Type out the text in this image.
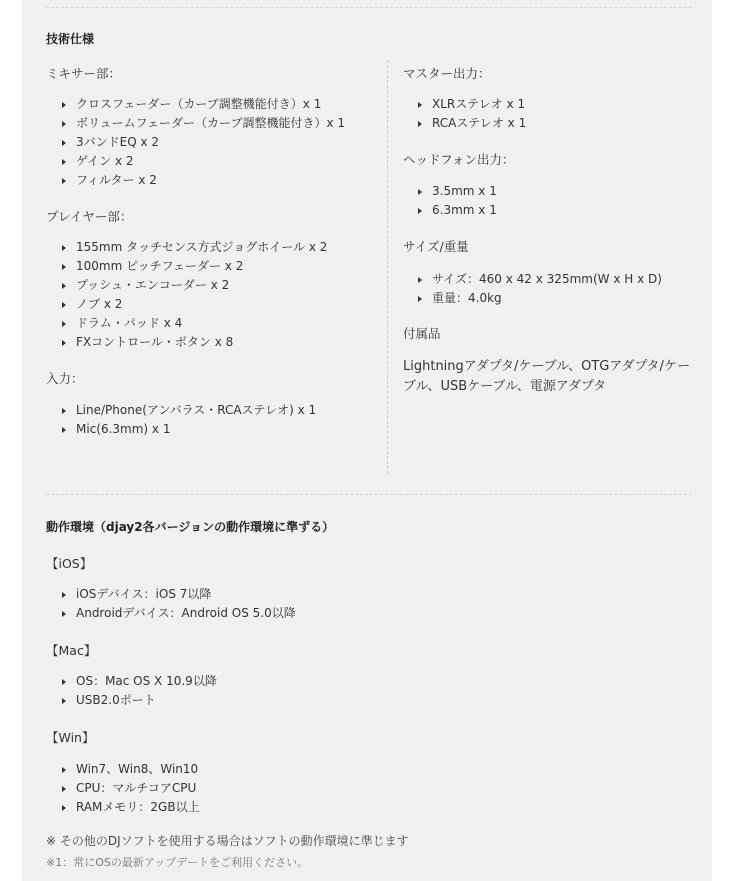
技術仕様
ミキサー部：
クロスフェーダー（カーブ調整機能付き）x 1
ボリュームフェーダー（カーブ調整機能付き）x 1
3バンドEQ x 2
ゲイン x 2
フィルター x 2
プレイヤー部：
155mm タッチセンス方式ジョグホイール x 2
100mm ピッチフェーダー x 2
プッシュ・エンコーダー x 2
ノブ x 2
ドラム・パッド x 4
FXコントロール・ボタン x 8
入力：
Line/Phone(アンバラス・RCAステレオ) x 1
Mic(6.3mm) x 1
マスター出力：
XLRステレオ x 1
RCAステレオ x 1
ヘッドフォン出力：
3.5mm x 1
6.3mm x 1
サイズ/重量
サイズ：460 x 42 x 325mm(W x H x D)
重量：4.0kg
付属品
Lightningアダプタ/ケーブル、OTGアダプタ/ケーブル、USBケーブル、電源アダプタ
動作環境（djay2各バージョンの動作環境に準ずる）
【iOS】
iOSデバイス：iOS 7以降
Androidデバイス：Android OS 5.0以降
【Mac】
OS：Mac OS X 10.9以降
USB2.0ポート
【Win】
Win7、Win8、Win10
CPU：マルチコアCPU
RAMメモリ：2GB以上
※ その他のDJソフトを使用する場合はソフトの動作環境に準じます
※1：常にOSの最新アップデートをご利用ください。
